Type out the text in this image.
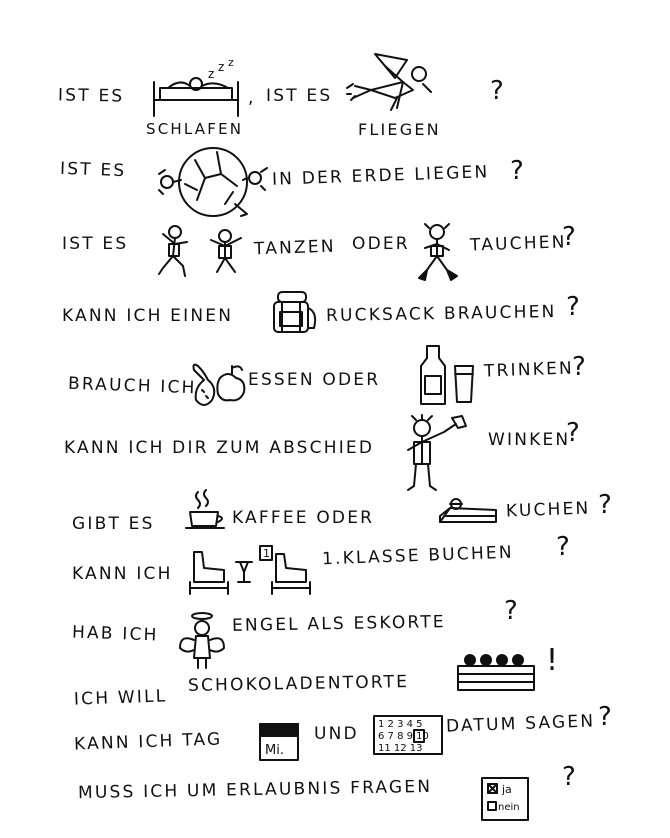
IST ES
z z z
, IST ES	?
SCHLAFEN	FLIEGEN
IST ES	IN DER ERDE LIEGEN ?
IST ES	TANZEN ODER	TAUCHEN
?
KANN ICH EINEN	RUCKSACK BRAUCHEN ?
BRAUCH ICH	ESSEN ODER	TRINKEN
?
KANN ICH DIR ZUM ABSCHIED	WINKEN
?
GIBT ES	KAFFEE ODER	KUCHEN ?
KANN ICH
1	1.KLASSE BUCHEN ?
HAB ICH	ENGEL ALS ESKORTE ?
ICH WILL
SCHOKOLADENTORTE
!
KANN ICH TAG	Mi.
UND 1 2 3 4 5
6 7 8 9 10
11 12 13
DATUM SAGEN ?
MUSS ICH UM ERLAUBNIS FRAGEN	ja
nein
?
